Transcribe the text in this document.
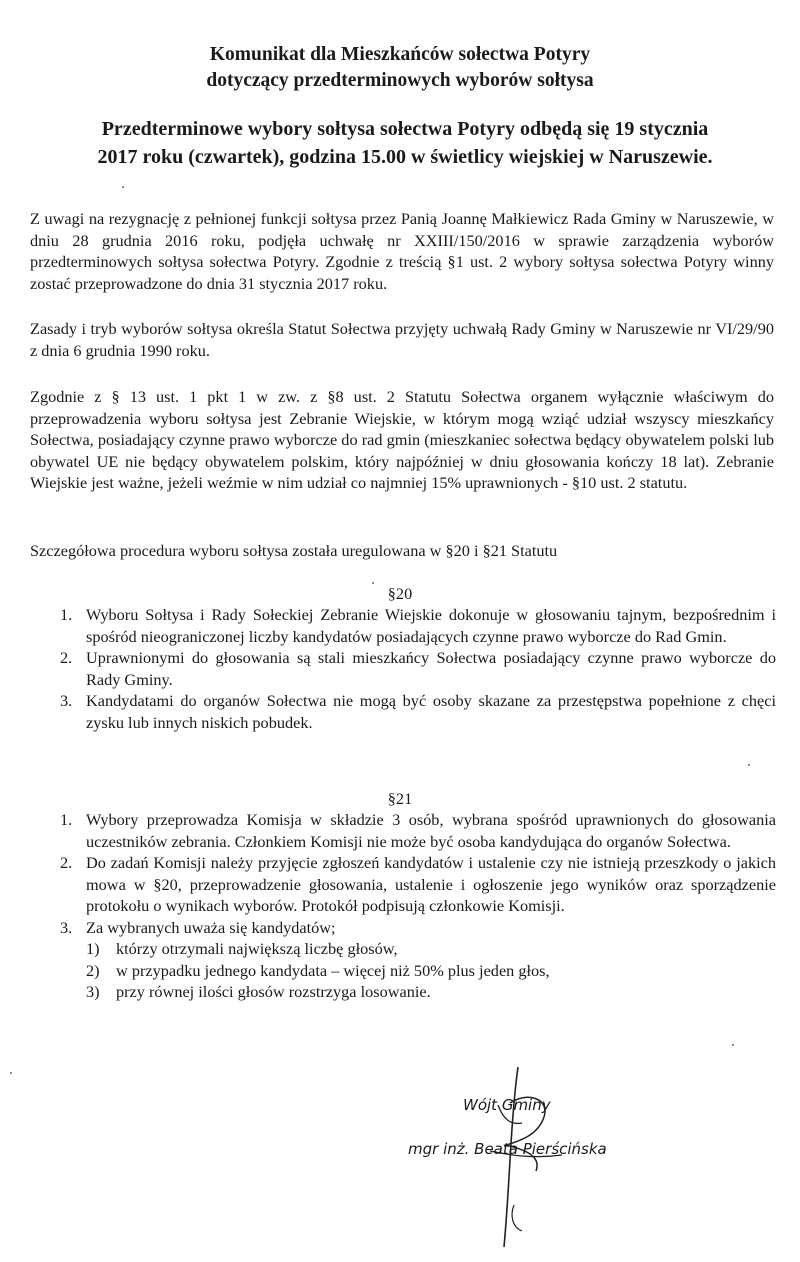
Komunikat dla Mieszkańców sołectwa Potyry
dotyczący przedterminowych wyborów sołtysa
Przedterminowe wybory sołtysa sołectwa Potyry odbędą się 19 stycznia
2017 roku (czwartek), godzina 15.00 w świetlicy wiejskiej w Naruszewie.
Z uwagi na rezygnację z pełnionej funkcji sołtysa przez Panią Joannę Małkiewicz Rada Gminy w Naruszewie, w dniu 28 grudnia 2016 roku, podjęła uchwałę nr XXIII/150/2016 w sprawie zarządzenia wyborów przedterminowych sołtysa sołectwa Potyry. Zgodnie z treścią §1 ust. 2 wybory sołtysa sołectwa Potyry winny zostać przeprowadzone do dnia 31 stycznia 2017 roku.
Zasady i tryb wyborów sołtysa określa Statut Sołectwa przyjęty uchwałą Rady Gminy w Naruszewie nr VI/29/90 z dnia 6 grudnia 1990 roku.
Zgodnie z § 13 ust. 1 pkt 1 w zw. z §8 ust. 2 Statutu Sołectwa organem wyłącznie właściwym do przeprowadzenia wyboru sołtysa jest Zebranie Wiejskie, w którym mogą wziąć udział wszyscy mieszkańcy Sołectwa, posiadający czynne prawo wyborcze do rad gmin (mieszkaniec sołectwa będący obywatelem polski lub obywatel UE nie będący obywatelem polskim, który najpóźniej w dniu głosowania kończy 18 lat). Zebranie Wiejskie jest ważne, jeżeli weźmie w nim udział co najmniej 15% uprawnionych - §10 ust. 2 statutu.
Szczegółowa procedura wyboru sołtysa została uregulowana w §20 i §21 Statutu
§20
1. Wyboru Sołtysa i Rady Sołeckiej Zebranie Wiejskie dokonuje w głosowaniu tajnym, bezpośrednim i spośród nieograniczonej liczby kandydatów posiadających czynne prawo wyborcze do Rad Gmin.
2. Uprawnionymi do głosowania są stali mieszkańcy Sołectwa posiadający czynne prawo wyborcze do Rady Gminy.
3. Kandydatami do organów Sołectwa nie mogą być osoby skazane za przestępstwa popełnione z chęci zysku lub innych niskich pobudek.
§21
1. Wybory przeprowadza Komisja w składzie 3 osób, wybrana spośród uprawnionych do głosowania uczestników zebrania. Członkiem Komisji nie może być osoba kandydująca do organów Sołectwa.
2. Do zadań Komisji należy przyjęcie zgłoszeń kandydatów i ustalenie czy nie istnieją przeszkody o jakich mowa w §20, przeprowadzenie głosowania, ustalenie i ogłoszenie jego wyników oraz sporządzenie protokołu o wynikach wyborów. Protokół podpisują członkowie Komisji.
3. Za wybranych uważa się kandydatów;
1) którzy otrzymali największą liczbę głosów,
2) w przypadku jednego kandydata – więcej niż 50% plus jeden głos,
3) przy równej ilości głosów rozstrzyga losowanie.
Wójt Gminy
mgr inż. Beata Pierścińska
